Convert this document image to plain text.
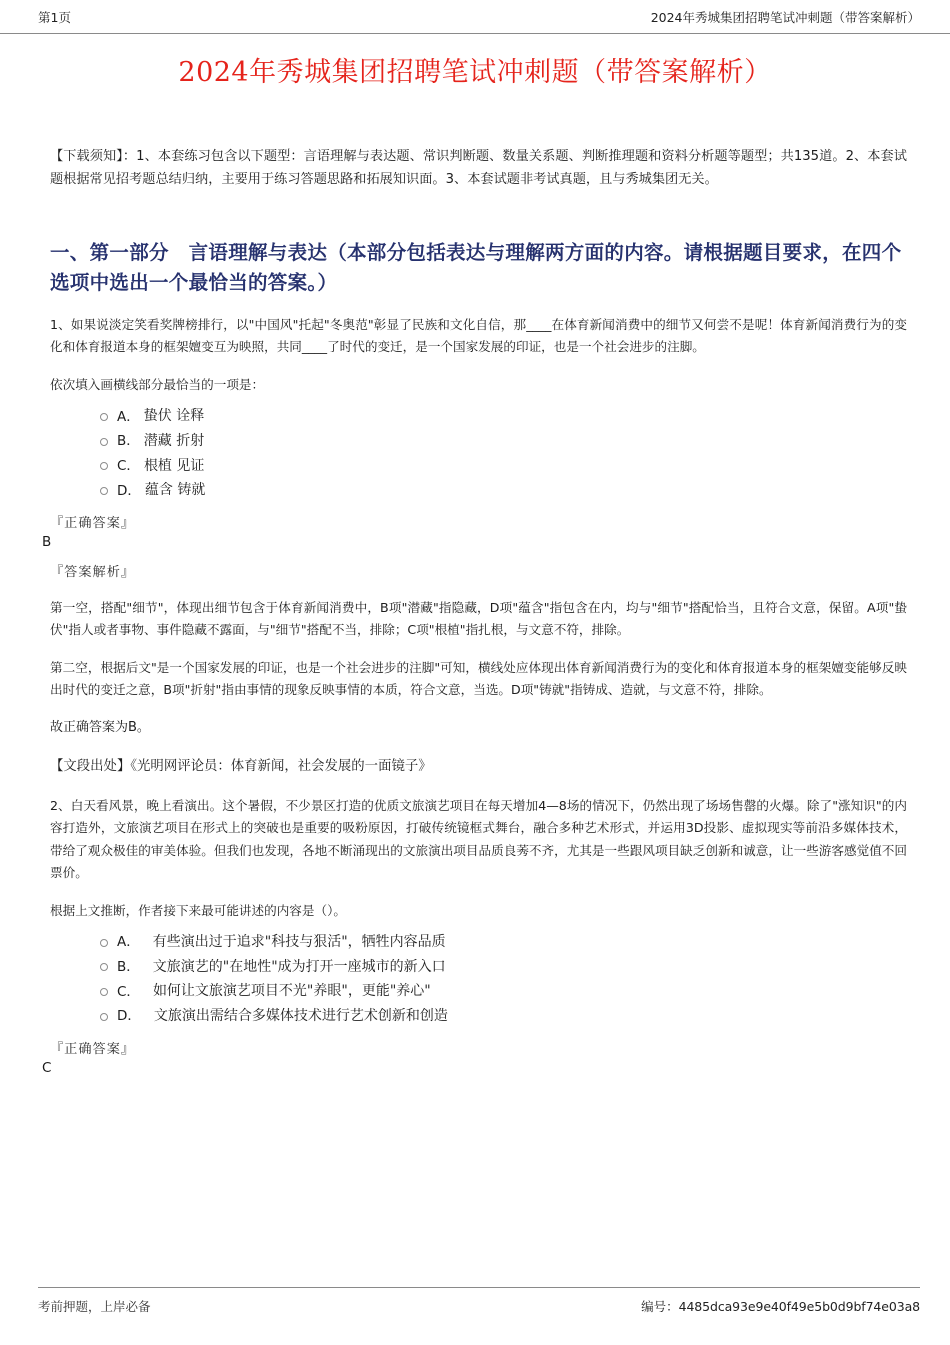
第1页	2024年秀城集团招聘笔试冲刺题（带答案解析）
2024年秀城集团招聘笔试冲刺题（带答案解析）

【下载须知】：1、本套练习包含以下题型：言语理解与表达题、常识判断题、数量关系题、判断推理题和资料分析题等题型；共135道。2、本套试题根据常见招考题总结归纳，主要用于练习答题思路和拓展知识面。3、本套试题非考试真题，且与秀城集团无关。

一、第一部分　言语理解与表达（本部分包括表达与理解两方面的内容。请根据题目要求，在四个选项中选出一个最恰当的答案。）

1、如果说淡定笑看奖牌榜排行，以"中国风"托起"冬奥范"彰显了民族和文化自信，那____在体育新闻消费中的细节又何尝不是呢！体育新闻消费行为的变化和体育报道本身的框架嬗变互为映照，共同____了时代的变迁，是一个国家发展的印证，也是一个社会进步的注脚。

依次填入画横线部分最恰当的一项是：

A． 蛰伏 诠释
B． 潜藏 折射
C． 根植 见证
D． 蕴含 铸就
『正确答案』
B
『答案解析』

第一空，搭配"细节"，体现出细节包含于体育新闻消费中，B项"潜藏"指隐藏，D项"蕴含"指包含在内，均与"细节"搭配恰当，且符合文意，保留。A项"蛰伏"指人或者事物、事件隐藏不露面，与"细节"搭配不当，排除；C项"根植"指扎根，与文意不符，排除。

第二空，根据后文"是一个国家发展的印证，也是一个社会进步的注脚"可知，横线处应体现出体育新闻消费行为的变化和体育报道本身的框架嬗变能够反映出时代的变迁之意，B项"折射"指由事情的现象反映事情的本质，符合文意，当选。D项"铸就"指铸成、造就，与文意不符，排除。

故正确答案为B。

【文段出处】《光明网评论员：体育新闻，社会发展的一面镜子》

2、白天看风景，晚上看演出。这个暑假，不少景区打造的优质文旅演艺项目在每天增加4—8场的情况下，仍然出现了场场售罄的火爆。除了"涨知识"的内容打造外，文旅演艺项目在形式上的突破也是重要的吸粉原因，打破传统镜框式舞台，融合多种艺术形式，并运用3D投影、虚拟现实等前沿多媒体技术，带给了观众极佳的审美体验。但我们也发现，各地不断涌现出的文旅演出项目品质良莠不齐，尤其是一些跟风项目缺乏创新和诚意，让一些游客感觉值不回票价。

根据上文推断，作者接下来最可能讲述的内容是（）。

A． 有些演出过于追求"科技与狠活"，牺牲内容品质
B． 文旅演艺的"在地性"成为打开一座城市的新入口
C． 如何让文旅演艺项目不光"养眼"，更能"养心"
D． 文旅演出需结合多媒体技术进行艺术创新和创造
『正确答案』
C
考前押题，上岸必备	编号：4485dca93e9e40f49e5b0d9bf74e03a8
